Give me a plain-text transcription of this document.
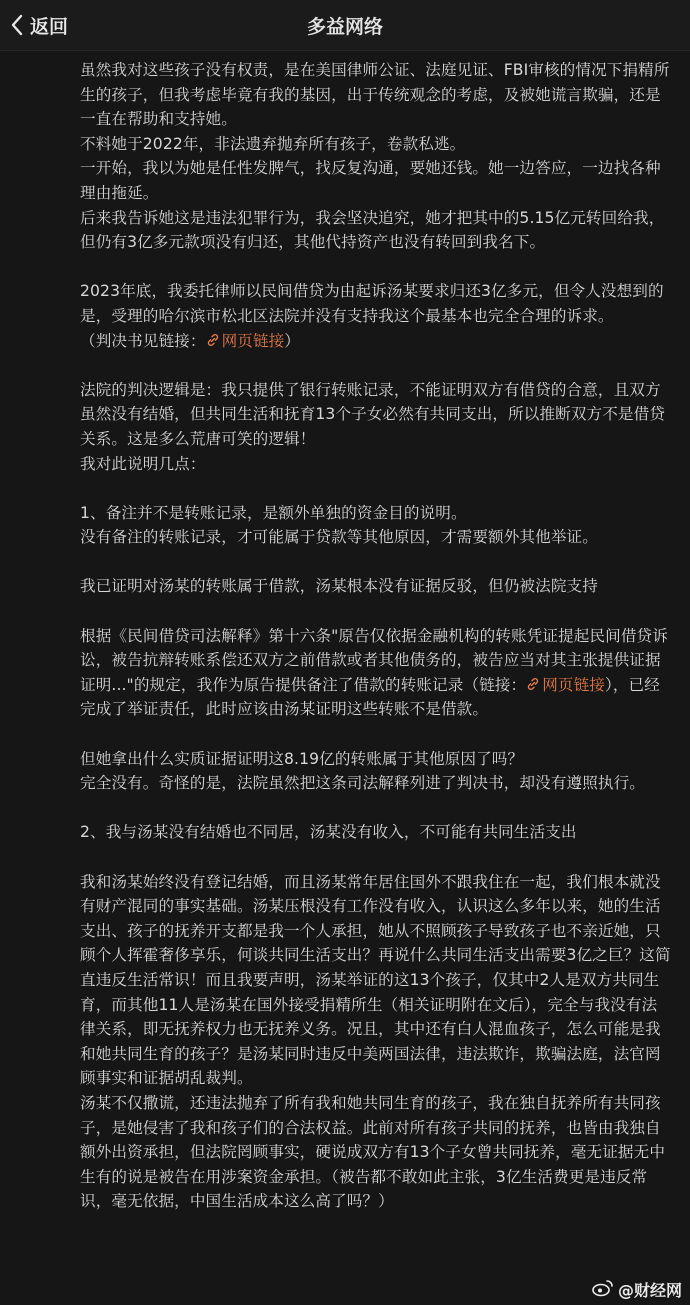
返回	多益网络

虽然我对这些孩子没有权责，是在美国律师公证、法庭见证、FBI审核的情况下捐精所生的孩子，但我考虑毕竟有我的基因，出于传统观念的考虑，及被她谎言欺骗，还是一直在帮助和支持她。

不料她于2022年，非法遗弃抛弃所有孩子，卷款私逃。

一开始，我以为她是任性发脾气，找反复沟通，要她还钱。她一边答应，一边找各种理由拖延。

后来我告诉她这是违法犯罪行为，我会坚决追究，她才把其中的5.15亿元转回给我，但仍有3亿多元款项没有归还，其他代持资产也没有转回到我名下。

2023年底，我委托律师以民间借贷为由起诉汤某要求归还3亿多元，但令人没想到的是，受理的哈尔滨市松北区法院并没有支持我这个最基本也完全合理的诉求。

（判决书见链接： 网页链接）

法院的判决逻辑是：我只提供了银行转账记录，不能证明双方有借贷的合意，且双方虽然没有结婚，但共同生活和抚育13个子女必然有共同支出，所以推断双方不是借贷关系。这是多么荒唐可笑的逻辑！

我对此说明几点：

1、备注并不是转账记录，是额外单独的资金目的说明。

没有备注的转账记录，才可能属于贷款等其他原因，才需要额外其他举证。

我已证明对汤某的转账属于借款，汤某根本没有证据反驳，但仍被法院支持

根据《民间借贷司法解释》第十六条"原告仅依据金融机构的转账凭证提起民间借贷诉讼，被告抗辩转账系偿还双方之前借款或者其他债务的，被告应当对其主张提供证据证明..."的规定，我作为原告提供备注了借款的转账记录（链接： 网页链接），已经完成了举证责任，此时应该由汤某证明这些转账不是借款。

但她拿出什么实质证据证明这8.19亿的转账属于其他原因了吗？

完全没有。奇怪的是，法院虽然把这条司法解释列进了判决书，却没有遵照执行。

2、我与汤某没有结婚也不同居，汤某没有收入，不可能有共同生活支出

我和汤某始终没有登记结婚，而且汤某常年居住国外不跟我住在一起，我们根本就没有财产混同的事实基础。汤某压根没有工作没有收入，认识这么多年以来，她的生活支出、孩子的抚养开支都是我一个人承担，她从不照顾孩子导致孩子也不亲近她，只顾个人挥霍奢侈享乐，何谈共同生活支出？再说什么共同生活支出需要3亿之巨？这简直违反生活常识！而且我要声明，汤某举证的这13个孩子，仅其中2人是双方共同生育，而其他11人是汤某在国外接受捐精所生（相关证明附在文后），完全与我没有法律关系，即无抚养权力也无抚养义务。况且，其中还有白人混血孩子，怎么可能是我和她共同生育的孩子？是汤某同时违反中美两国法律，违法欺诈，欺骗法庭，法官罔顾事实和证据胡乱裁判。

汤某不仅撒谎，还违法抛弃了所有我和她共同生育的孩子，我在独自抚养所有共同孩子，是她侵害了我和孩子们的合法权益。此前对所有孩子共同的抚养，也皆由我独自额外出资承担，但法院罔顾事实，硬说成双方有13个子女曾共同抚养，毫无证据无中生有的说是被告在用涉案资金承担。（被告都不敢如此主张，3亿生活费更是违反常识，毫无依据，中国生活成本这么高了吗？）

@财经网
